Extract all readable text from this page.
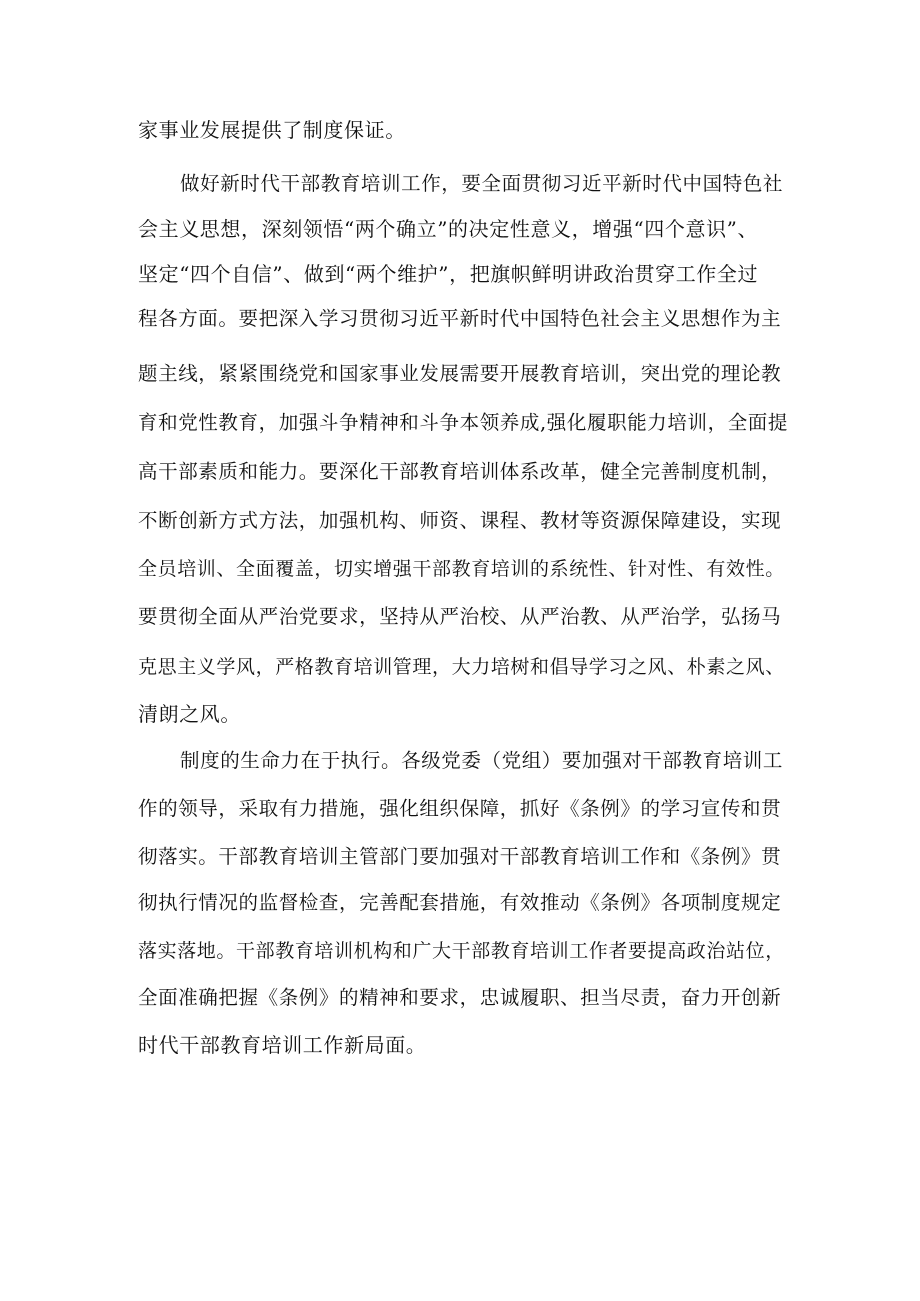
家事业发展提供了制度保证。
做好新时代干部教育培训工作，要全面贯彻习近平新时代中国特色社
会主义思想，深刻领悟“两个确立”的决定性意义，增强“四个意识”、
坚定“四个自信”、做到“两个维护”，把旗帜鲜明讲政治贯穿工作全过
程各方面。要把深入学习贯彻习近平新时代中国特色社会主义思想作为主
题主线，紧紧围绕党和国家事业发展需要开展教育培训，突出党的理论教
育和党性教育，加强斗争精神和斗争本领养成,强化履职能力培训，全面提
高干部素质和能力。要深化干部教育培训体系改革，健全完善制度机制，
不断创新方式方法，加强机构、师资、课程、教材等资源保障建设，实现
全员培训、全面覆盖，切实增强干部教育培训的系统性、针对性、有效性。
要贯彻全面从严治党要求，坚持从严治校、从严治教、从严治学，弘扬马
克思主义学风，严格教育培训管理，大力培树和倡导学习之风、朴素之风、
清朗之风。
制度的生命力在于执行。各级党委（党组）要加强对干部教育培训工
作的领导，采取有力措施，强化组织保障，抓好《条例》的学习宣传和贯
彻落实。干部教育培训主管部门要加强对干部教育培训工作和《条例》贯
彻执行情况的监督检查，完善配套措施，有效推动《条例》各项制度规定
落实落地。干部教育培训机构和广大干部教育培训工作者要提高政治站位，
全面准确把握《条例》的精神和要求，忠诚履职、担当尽责，奋力开创新
时代干部教育培训工作新局面。
